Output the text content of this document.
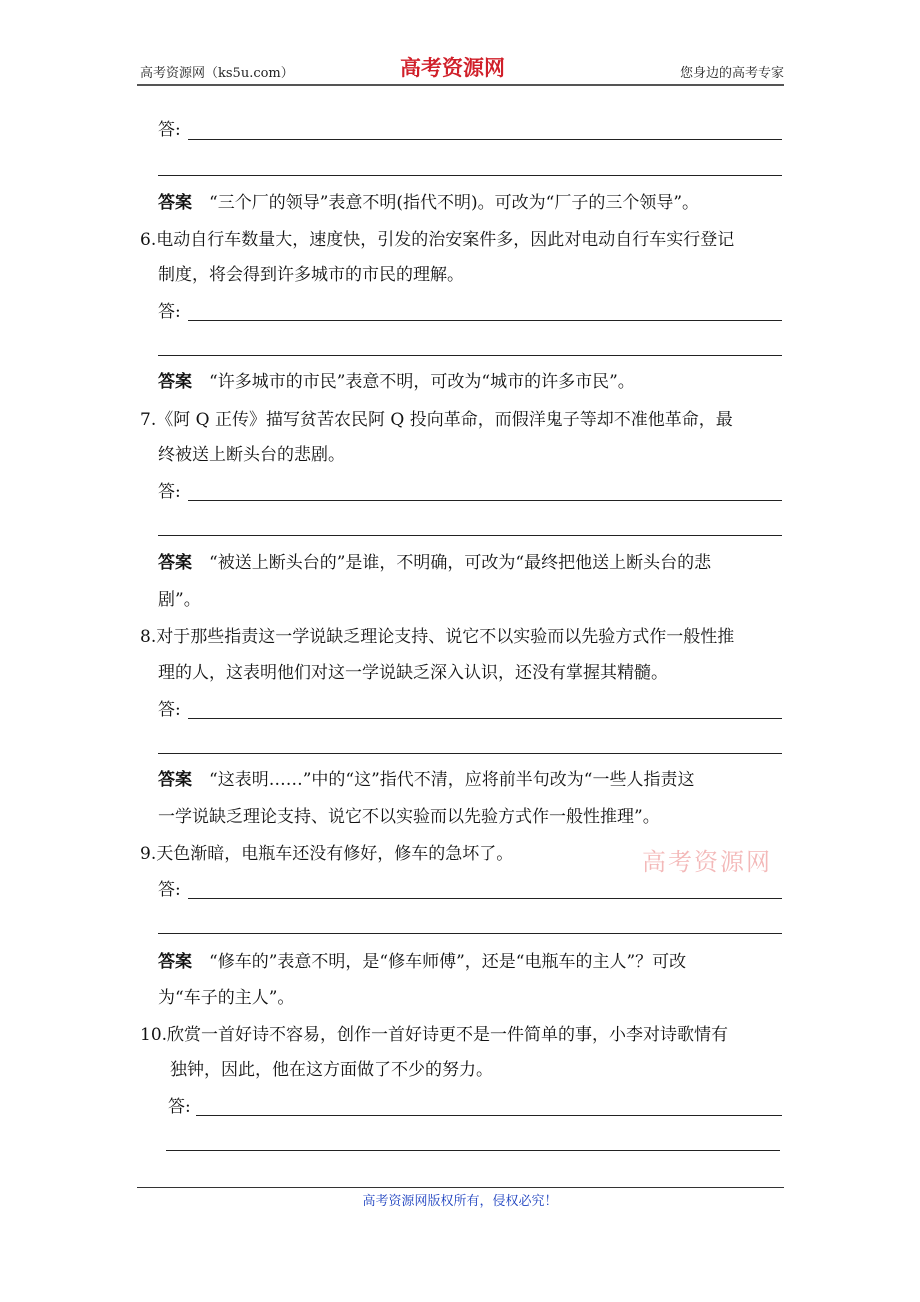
高考资源网（ks5u.com）	高考资源网	您身边的高考专家
答:
答案  “三个厂的领导”表意不明(指代不明)。可改为“厂子的三个领导”。
6.电动自行车数量大，速度快，引发的治安案件多，因此对电动自行车实行登记
制度，将会得到许多城市的市民的理解。
答:
答案  “许多城市的市民”表意不明，可改为“城市的许多市民”。
7.《阿 Q 正传》描写贫苦农民阿 Q 投向革命，而假洋鬼子等却不准他革命，最
终被送上断头台的悲剧。
答:
答案  “被送上断头台的”是谁，不明确，可改为“最终把他送上断头台的悲
剧”。
8.对于那些指责这一学说缺乏理论支持、说它不以实验而以先验方式作一般性推
理的人，这表明他们对这一学说缺乏深入认识，还没有掌握其精髓。
答:
答案  “这表明……”中的“这”指代不清，应将前半句改为“一些人指责这
一学说缺乏理论支持、说它不以实验而以先验方式作一般性推理”。
9.天色渐暗，电瓶车还没有修好，修车的急坏了。	高考资源网
答:
答案  “修车的”表意不明，是“修车师傅”，还是“电瓶车的主人”？可改
为“车子的主人”。
10.欣赏一首好诗不容易，创作一首好诗更不是一件简单的事，小李对诗歌情有
独钟，因此，他在这方面做了不少的努力。
答:
高考资源网版权所有，侵权必究！
